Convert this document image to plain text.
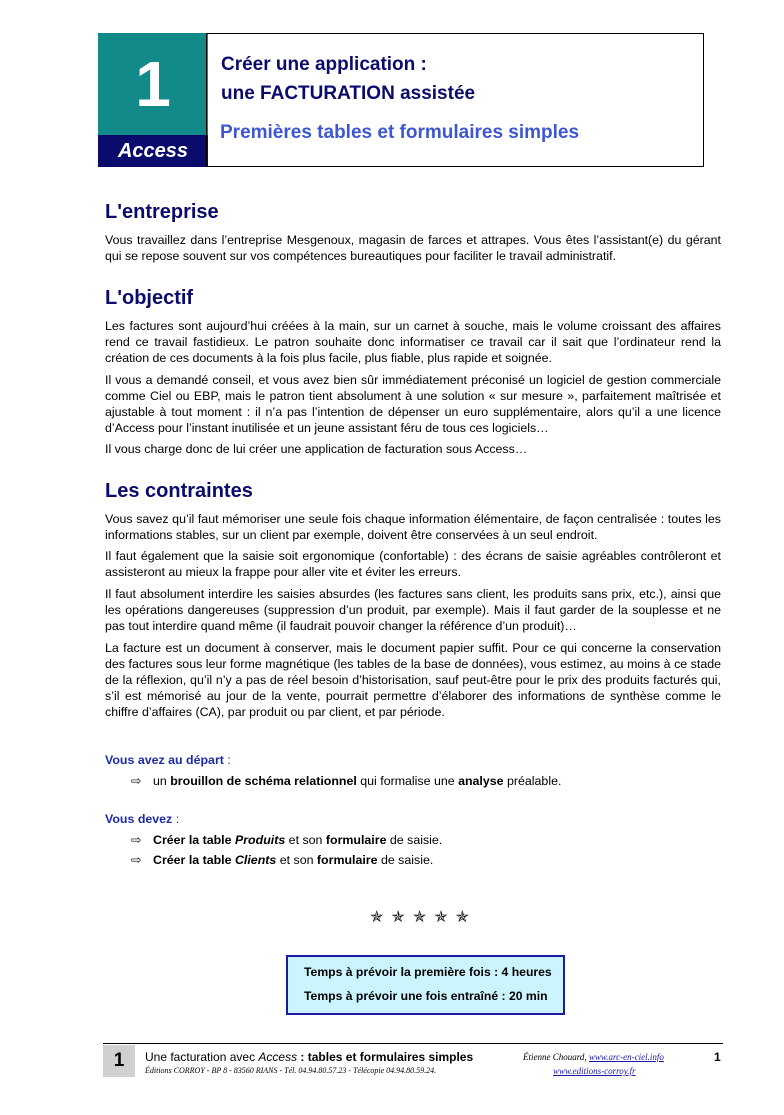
1
Access
Créer une application :
une FACTURATION assistée
Premières tables et formulaires simples
L'entreprise

Vous travaillez dans l’entreprise Mesgenoux, magasin de farces et attrapes. Vous êtes l’assistant(e) du gérant qui se repose souvent sur vos compétences bureautiques pour faciliter le travail administratif.

L'objectif

Les factures sont aujourd’hui créées à la main, sur un carnet à souche, mais le volume croissant des affaires rend ce travail fastidieux. Le patron souhaite donc informatiser ce travail car il sait que l’ordinateur rend la création de ces documents à la fois plus facile, plus fiable, plus rapide et soignée.

Il vous a demandé conseil, et vous avez bien sûr immédiatement préconisé un logiciel de gestion commerciale comme Ciel ou EBP, mais le patron tient absolument à une solution « sur mesure », parfaitement maîtrisée et ajustable à tout moment : il n’a pas l’intention de dépenser un euro supplémentaire, alors qu’il a une licence d’Access pour l’instant inutilisée et un jeune assistant féru de tous ces logiciels…

Il vous charge donc de lui créer une application de facturation sous Access…

Les contraintes

Vous savez qu’il faut mémoriser une seule fois chaque information élémentaire, de façon centralisée : toutes les informations stables, sur un client par exemple, doivent être conservées à un seul endroit.

Il faut également que la saisie soit ergonomique (confortable) : des écrans de saisie agréables contrôleront et assisteront au mieux la frappe pour aller vite et éviter les erreurs.

Il faut absolument interdire les saisies absurdes (les factures sans client, les produits sans prix, etc.), ainsi que les opérations dangereuses (suppression d’un produit, par exemple). Mais il faut garder de la souplesse et ne pas tout interdire quand même (il faudrait pouvoir changer la référence d’un produit)…

La facture est un document à conserver, mais le document papier suffit. Pour ce qui concerne la conservation des factures sous leur forme magnétique (les tables de la base de données), vous estimez, au moins à ce stade de la réflexion, qu’il n’y a pas de réel besoin d’historisation, sauf peut-être pour le prix des produits facturés qui, s’il est mémorisé au jour de la vente, pourrait permettre d’élaborer des informations de synthèse comme le chiffre d’affaires (CA), par produit ou par client, et par période.

Vous avez au départ :
⇨ un brouillon de schéma relationnel qui formalise une analyse préalable.
Vous devez :
⇨ Créer la table Produits et son formulaire de saisie.
⇨ Créer la table Clients et son formulaire de saisie.
✯✯✯✯✯
Temps à prévoir la première fois : 4 heures
Temps à prévoir une fois entraîné : 20 min
1	Une facturation avec Access : tables et formulaires simples
Éditions CORROY - BP 8 - 83560 RIANS - Tél. 04.94.80.57.23 - Télécopie 04.94.80.59.24.
Étienne Chouard, www.arc-en-ciel.info
www.editions-corroy.fr
1
